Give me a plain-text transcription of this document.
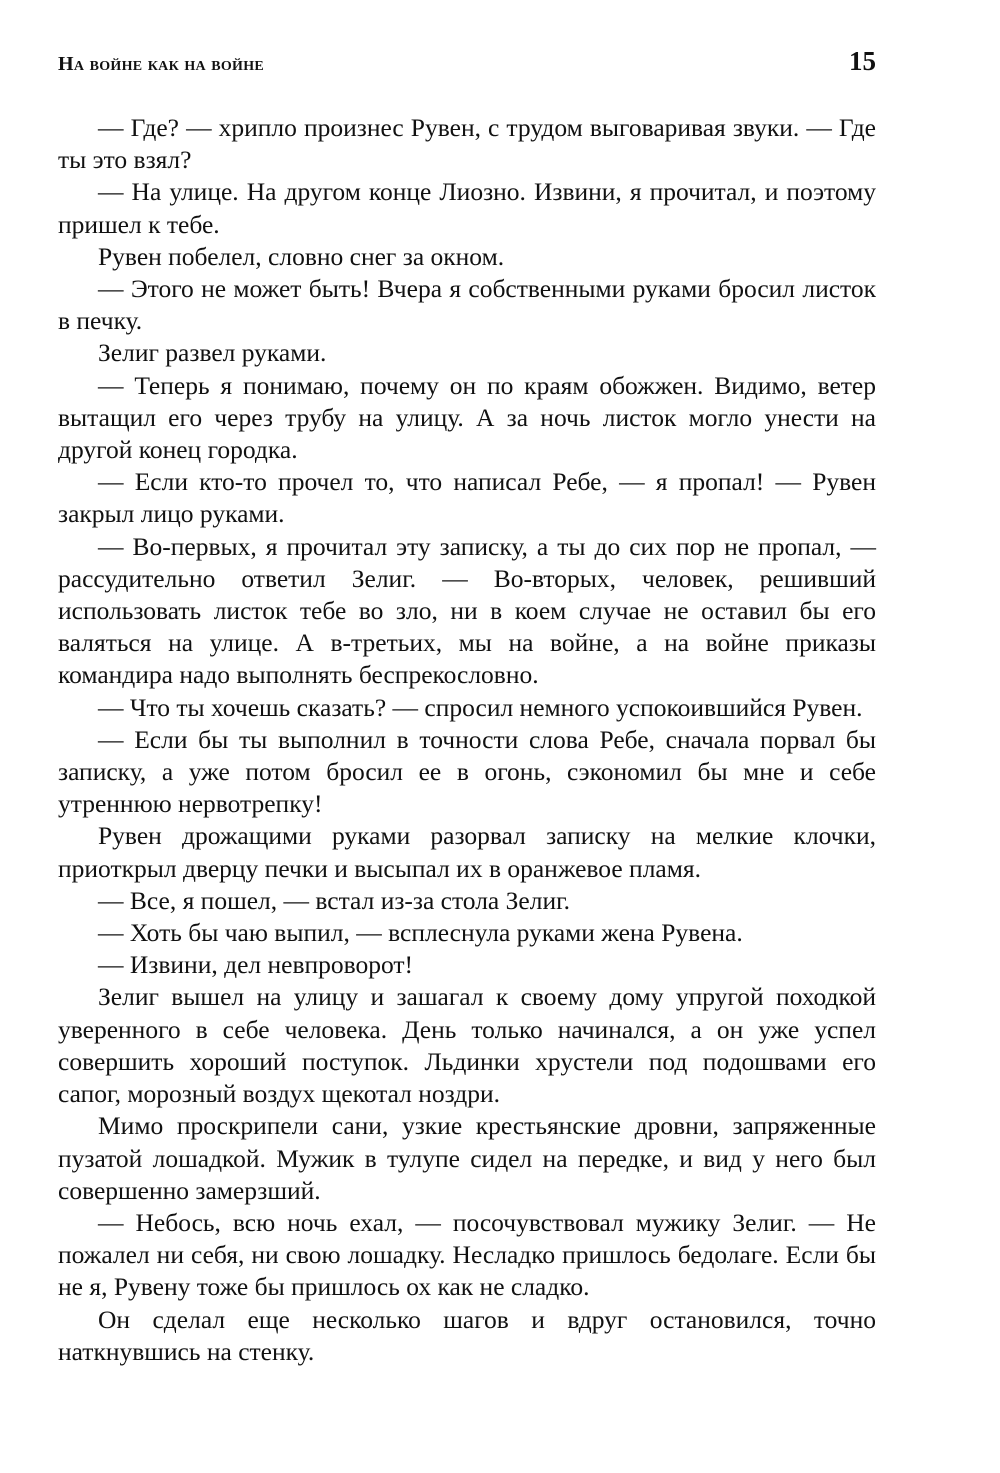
На войне как на войне	15

— Где? — хрипло произнес Рувен, с трудом выговаривая звуки. — Где ты это взял?

— На улице. На другом конце Лиозно. Извини, я прочитал, и поэтому пришел к тебе.

Рувен побелел, словно снег за окном.

— Этого не может быть! Вчера я собственными руками бросил листок в печку.

Зелиг развел руками.

— Теперь я понимаю, почему он по краям обожжен. Видимо, ветер вытащил его через трубу на улицу. А за ночь листок могло унести на другой конец городка.

— Если кто-то прочел то, что написал Ребе, — я пропал! — Рувен закрыл лицо руками.

— Во-первых, я прочитал эту записку, а ты до сих пор не пропал, — рассудительно ответил Зелиг. — Во-вторых, человек, решивший использовать листок тебе во зло, ни в коем случае не оставил бы его валяться на улице. А в-третьих, мы на войне, а на войне приказы командира надо выполнять беспрекословно.

— Что ты хочешь сказать? — спросил немного успокоившийся Рувен.

— Если бы ты выполнил в точности слова Ребе, сначала порвал бы записку, а уже потом бросил ее в огонь, сэкономил бы мне и себе утреннюю нервотрепку!

Рувен дрожащими руками разорвал записку на мелкие клочки, приоткрыл дверцу печки и высыпал их в оранжевое пламя.

— Все, я пошел, — встал из-за стола Зелиг.

— Хоть бы чаю выпил, — всплеснула руками жена Рувена.

— Извини, дел невпроворот!

Зелиг вышел на улицу и зашагал к своему дому упругой походкой уверенного в себе человека. День только начинался, а он уже успел совершить хороший поступок. Льдинки хрустели под подошвами его сапог, морозный воздух щекотал ноздри.

Мимо проскрипели сани, узкие крестьянские дровни, запряженные пузатой лошадкой. Мужик в тулупе сидел на передке, и вид у него был совершенно замерзший.

— Небось, всю ночь ехал, — посочувствовал мужику Зелиг. — Не пожалел ни себя, ни свою лошадку. Несладко пришлось бедолаге. Если бы не я, Рувену тоже бы пришлось ох как не сладко.

Он сделал еще несколько шагов и вдруг остановился, точно наткнувшись на стенку.
